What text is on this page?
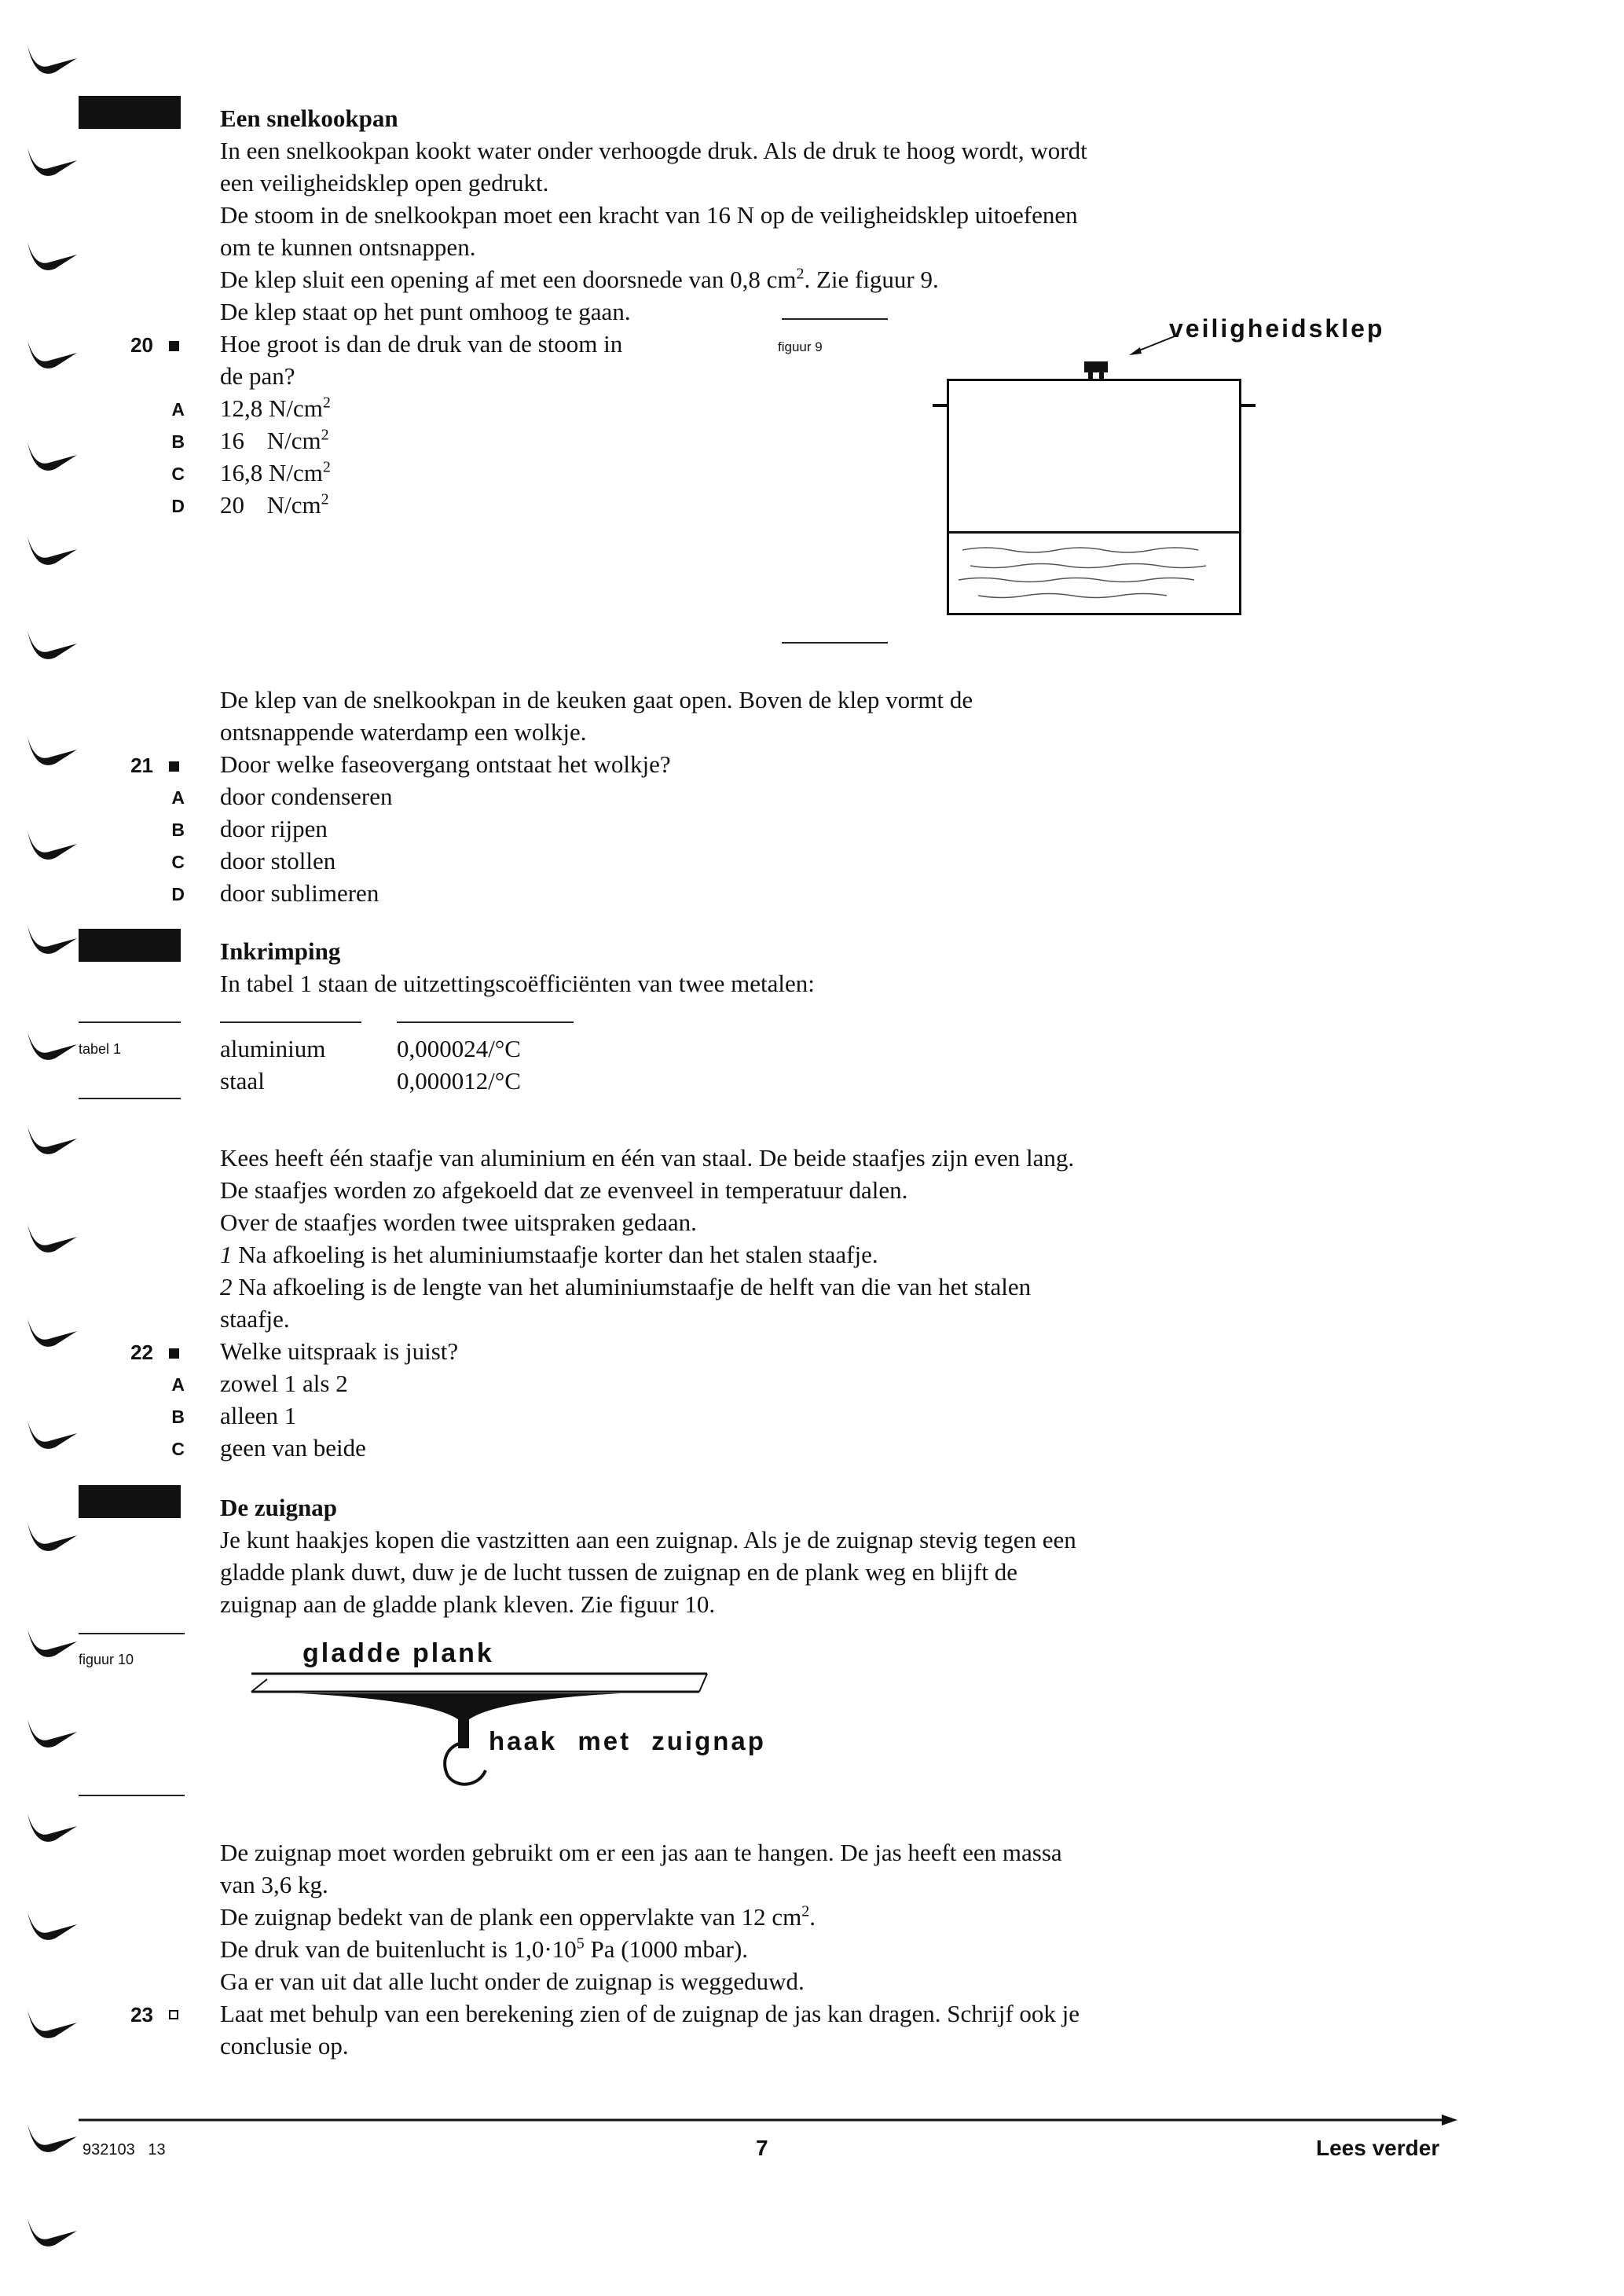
Een snelkookpan
In een snelkookpan kookt water onder verhoogde druk. Als de druk te hoog wordt, wordt
een veiligheidsklep open gedrukt.
De stoom in de snelkookpan moet een kracht van 16 N op de veiligheidsklep uitoefenen
om te kunnen ontsnappen.
De klep sluit een opening af met een doorsnede van 0,8 $cm^2$. Zie figuur 9.
De klep staat op het punt omhoog te gaan.
20	Hoe groot is dan de druk van de stoom in
de pan?
A 12,8 $N/cm^2$
B 16 $N/cm^2$
C 16,8 $N/cm^2$
D 20 $N/cm^2$
figuur 9
veiligheidsklep
De klep van de snelkookpan in de keuken gaat open. Boven de klep vormt de
ontsnappende waterdamp een wolkje.
21	Door welke faseovergang ontstaat het wolkje?
A door condenseren
B door rijpen
C door stollen
D door sublimeren
Inkrimping
In tabel 1 staan de uitzettingscoëfficiënten van twee metalen:
tabel 1	aluminium	0,000024/°C
staal	0,000012/°C
Kees heeft één staafje van aluminium en één van staal. De beide staafjes zijn even lang.
De staafjes worden zo afgekoeld dat ze evenveel in temperatuur dalen.
Over de staafjes worden twee uitspraken gedaan.
1 Na afkoeling is het aluminiumstaafje korter dan het stalen staafje.
2 Na afkoeling is de lengte van het aluminiumstaafje de helft van die van het stalen
staafje.
22	Welke uitspraak is juist?
A zowel 1 als 2
B alleen 1
C geen van beide
De zuignap
Je kunt haakjes kopen die vastzitten aan een zuignap. Als je de zuignap stevig tegen een
gladde plank duwt, duw je de lucht tussen de zuignap en de plank weg en blijft de
zuignap aan de gladde plank kleven. Zie figuur 10.
figuur 10	gladde plank
haak met zuignap
De zuignap moet worden gebruikt om er een jas aan te hangen. De jas heeft een massa
van 3,6 kg.
De zuignap bedekt van de plank een oppervlakte van 12 $cm^2$.
De druk van de buitenlucht is $1,0\cdot 10^5$ Pa (1000 mbar).
Ga er van uit dat alle lucht onder de zuignap is weggeduwd.
23	Laat met behulp van een berekening zien of de zuignap de jas kan dragen. Schrijf ook je
conclusie op.
932103 13	7	Lees verder
